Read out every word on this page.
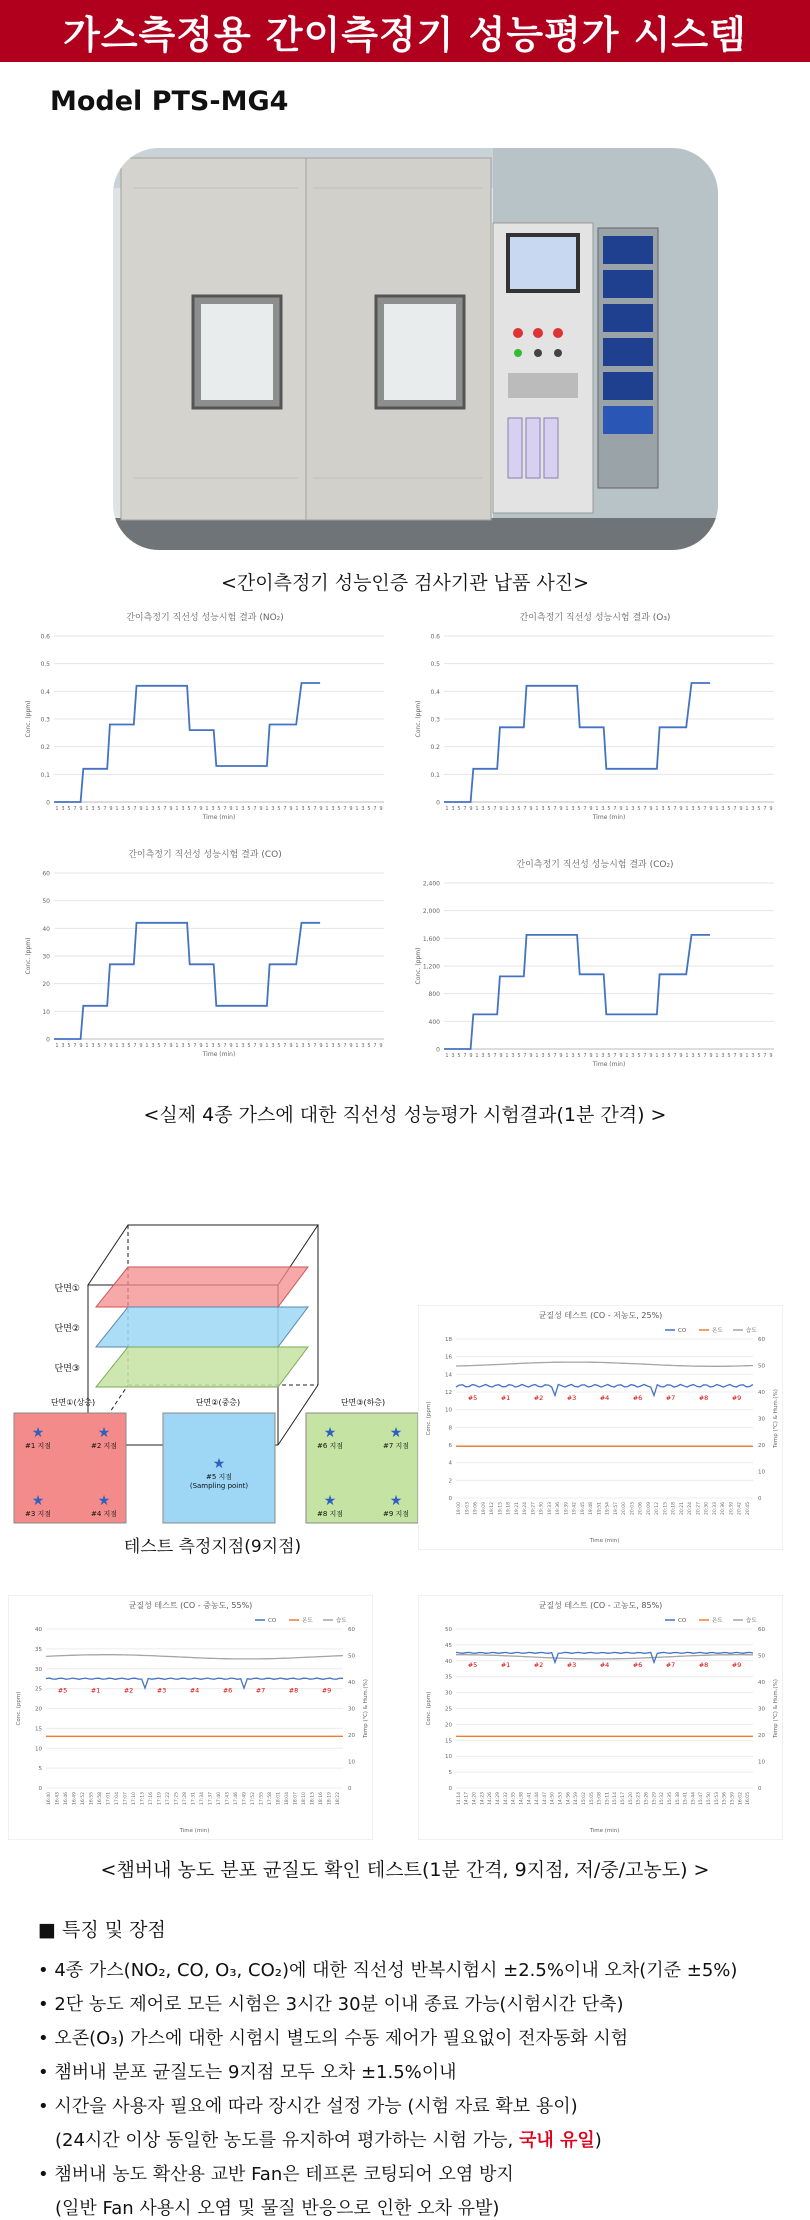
가스측정용 간이측정기 성능평가 시스템
Model PTS-MG4
<간이측정기 성능인증 검사기관 납품 사진>
간이측정기 직선성 성능시험 결과 (NO₂)
0
0.1
0.2
0.3
0.4
0.5
0.6
1 3 5 7 9 1 3 5 7 9 1 3 5 7 9 1 3 5 7 9 1 3 5 7 9 1 3 5 7 9 1 3 5 7 9 1 3 5 7 9 1 3 5 7 9 1 3 5 7 9 1 3 5 7 9
Time (min)
Conc. (ppm)
간이측정기 직선성 성능시험 결과 (O₃)
0
0.1
0.2
0.3
0.4
0.5
0.6
1 3 5 7 9 1 3 5 7 9 1 3 5 7 9 1 3 5 7 9 1 3 5 7 9 1 3 5 7 9 1 3 5 7 9 1 3 5 7 9 1 3 5 7 9 1 3 5 7 9 1 3 5 7 9
Time (min)
Conc. (ppm)
간이측정기 직선성 성능시험 결과 (CO)
0
10
20
30
40
50
60
1 3 5 7 9 1 3 5 7 9 1 3 5 7 9 1 3 5 7 9 1 3 5 7 9 1 3 5 7 9 1 3 5 7 9 1 3 5 7 9 1 3 5 7 9 1 3 5 7 9 1 3 5 7 9
Time (min)
Conc. (ppm)
간이측정기 직선성 성능시험 결과 (CO₂)
0
400
800
1,200
1,600
2,000
2,400
1 3 5 7 9 1 3 5 7 9 1 3 5 7 9 1 3 5 7 9 1 3 5 7 9 1 3 5 7 9 1 3 5 7 9 1 3 5 7 9 1 3 5 7 9 1 3 5 7 9 1 3 5 7 9
Time (min)
Conc. (ppm)
<실제 4종 가스에 대한 직선성 성능평가 시험결과(1분 간격) >
단면①
단면②
단면③
단면①(상층)	단면②(중층)	단면③(하층)
★	★
★	★
★
★	★
★	★
#1 지점	#2 지점
#3 지점	#4 지점
#5 지점
(Sampling point)
#6 지점	#7 지점
#8 지점	#9 지점
테스트 측정지점(9지점)
균질성 테스트 (CO - 저농도, 25%)
CO	온도	습도
0
2
4
6
8
10
12
14
16
18
0
10
20
30
40
50
60
Conc. (ppm)	Temp (℃) & Hum.(%)
19:00 19:03 19:06 19:09 19:12 19:15 19:18 19:21 19:24 19:27 19:30 19:33 19:36 19:39 19:42 19:45 19:48 19:51 19:54 19:57 20:00 20:03 20:06 20:09 20:12 20:15 20:18 20:21 20:24 20:27 20:30 20:33 20:36 20:39 20:42 20:45
Time (min)
#5	#1	#2	#3	#4	#6	#7	#8	#9
균질성 테스트 (CO - 중농도, 55%)
CO	온도	습도
0
5
10
15
20
25
30
35
40
0
10
20
30
40
50
60
Conc. (ppm)	Temp (℃) & Hum.(%)
16:40 16:43 16:46 16:49 16:52 16:55 16:58 17:01 17:04 17:07 17:10 17:13 17:16 17:19 17:22 17:25 17:28 17:31 17:34 17:37 17:40 17:43 17:46 17:49 17:52 17:55 17:58 18:01 18:04 18:07 18:10 18:13 18:16 18:19 18:22
Time (min)
#5	#1	#2	#3	#4	#6	#7	#8	#9
균질성 테스트 (CO - 고농도, 85%)
CO	온도	습도
0
5
10
15
20
25
30
35
40
45
50
0
10
20
30
40
50
60
Conc. (ppm)	Temp (℃) & Hum.(%)
14:14 14:17 14:20 14:23 14:26 14:29 14:32 14:35 14:38 14:41 14:44 14:47 14:50 14:53 14:56 14:59 15:02 15:05 15:08 15:11 15:14 15:17 15:20 15:23 15:26 15:29 15:32 15:35 15:38 15:41 15:44 15:47 15:50 15:53 15:56 15:59 16:02 16:05
Time (min)
#5	#1	#2	#3	#4	#6	#7	#8	#9
<챔버내 농도 분포 균질도 확인 테스트(1분 간격, 9지점, 저/중/고농도) >
■ 특징 및 장점
• 4종 가스(NO₂, CO, O₃, CO₂)에 대한 직선성 반복시험시 ±2.5%이내 오차(기준 ±5%)
• 2단 농도 제어로 모든 시험은 3시간 30분 이내 종료 가능(시험시간 단축)
• 오존(O₃) 가스에 대한 시험시 별도의 수동 제어가 필요없이 전자동화 시험
• 챔버내 분포 균질도는 9지점 모두 오차 ±1.5%이내
• 시간을 사용자 필요에 따라 장시간 설정 가능 (시험 자료 확보 용이)
(24시간 이상 동일한 농도를 유지하여 평가하는 시험 가능, 국내 유일)
• 챔버내 농도 확산용 교반 Fan은 테프론 코팅되어 오염 방지
(일반 Fan 사용시 오염 및 물질 반응으로 인한 오차 유발)
